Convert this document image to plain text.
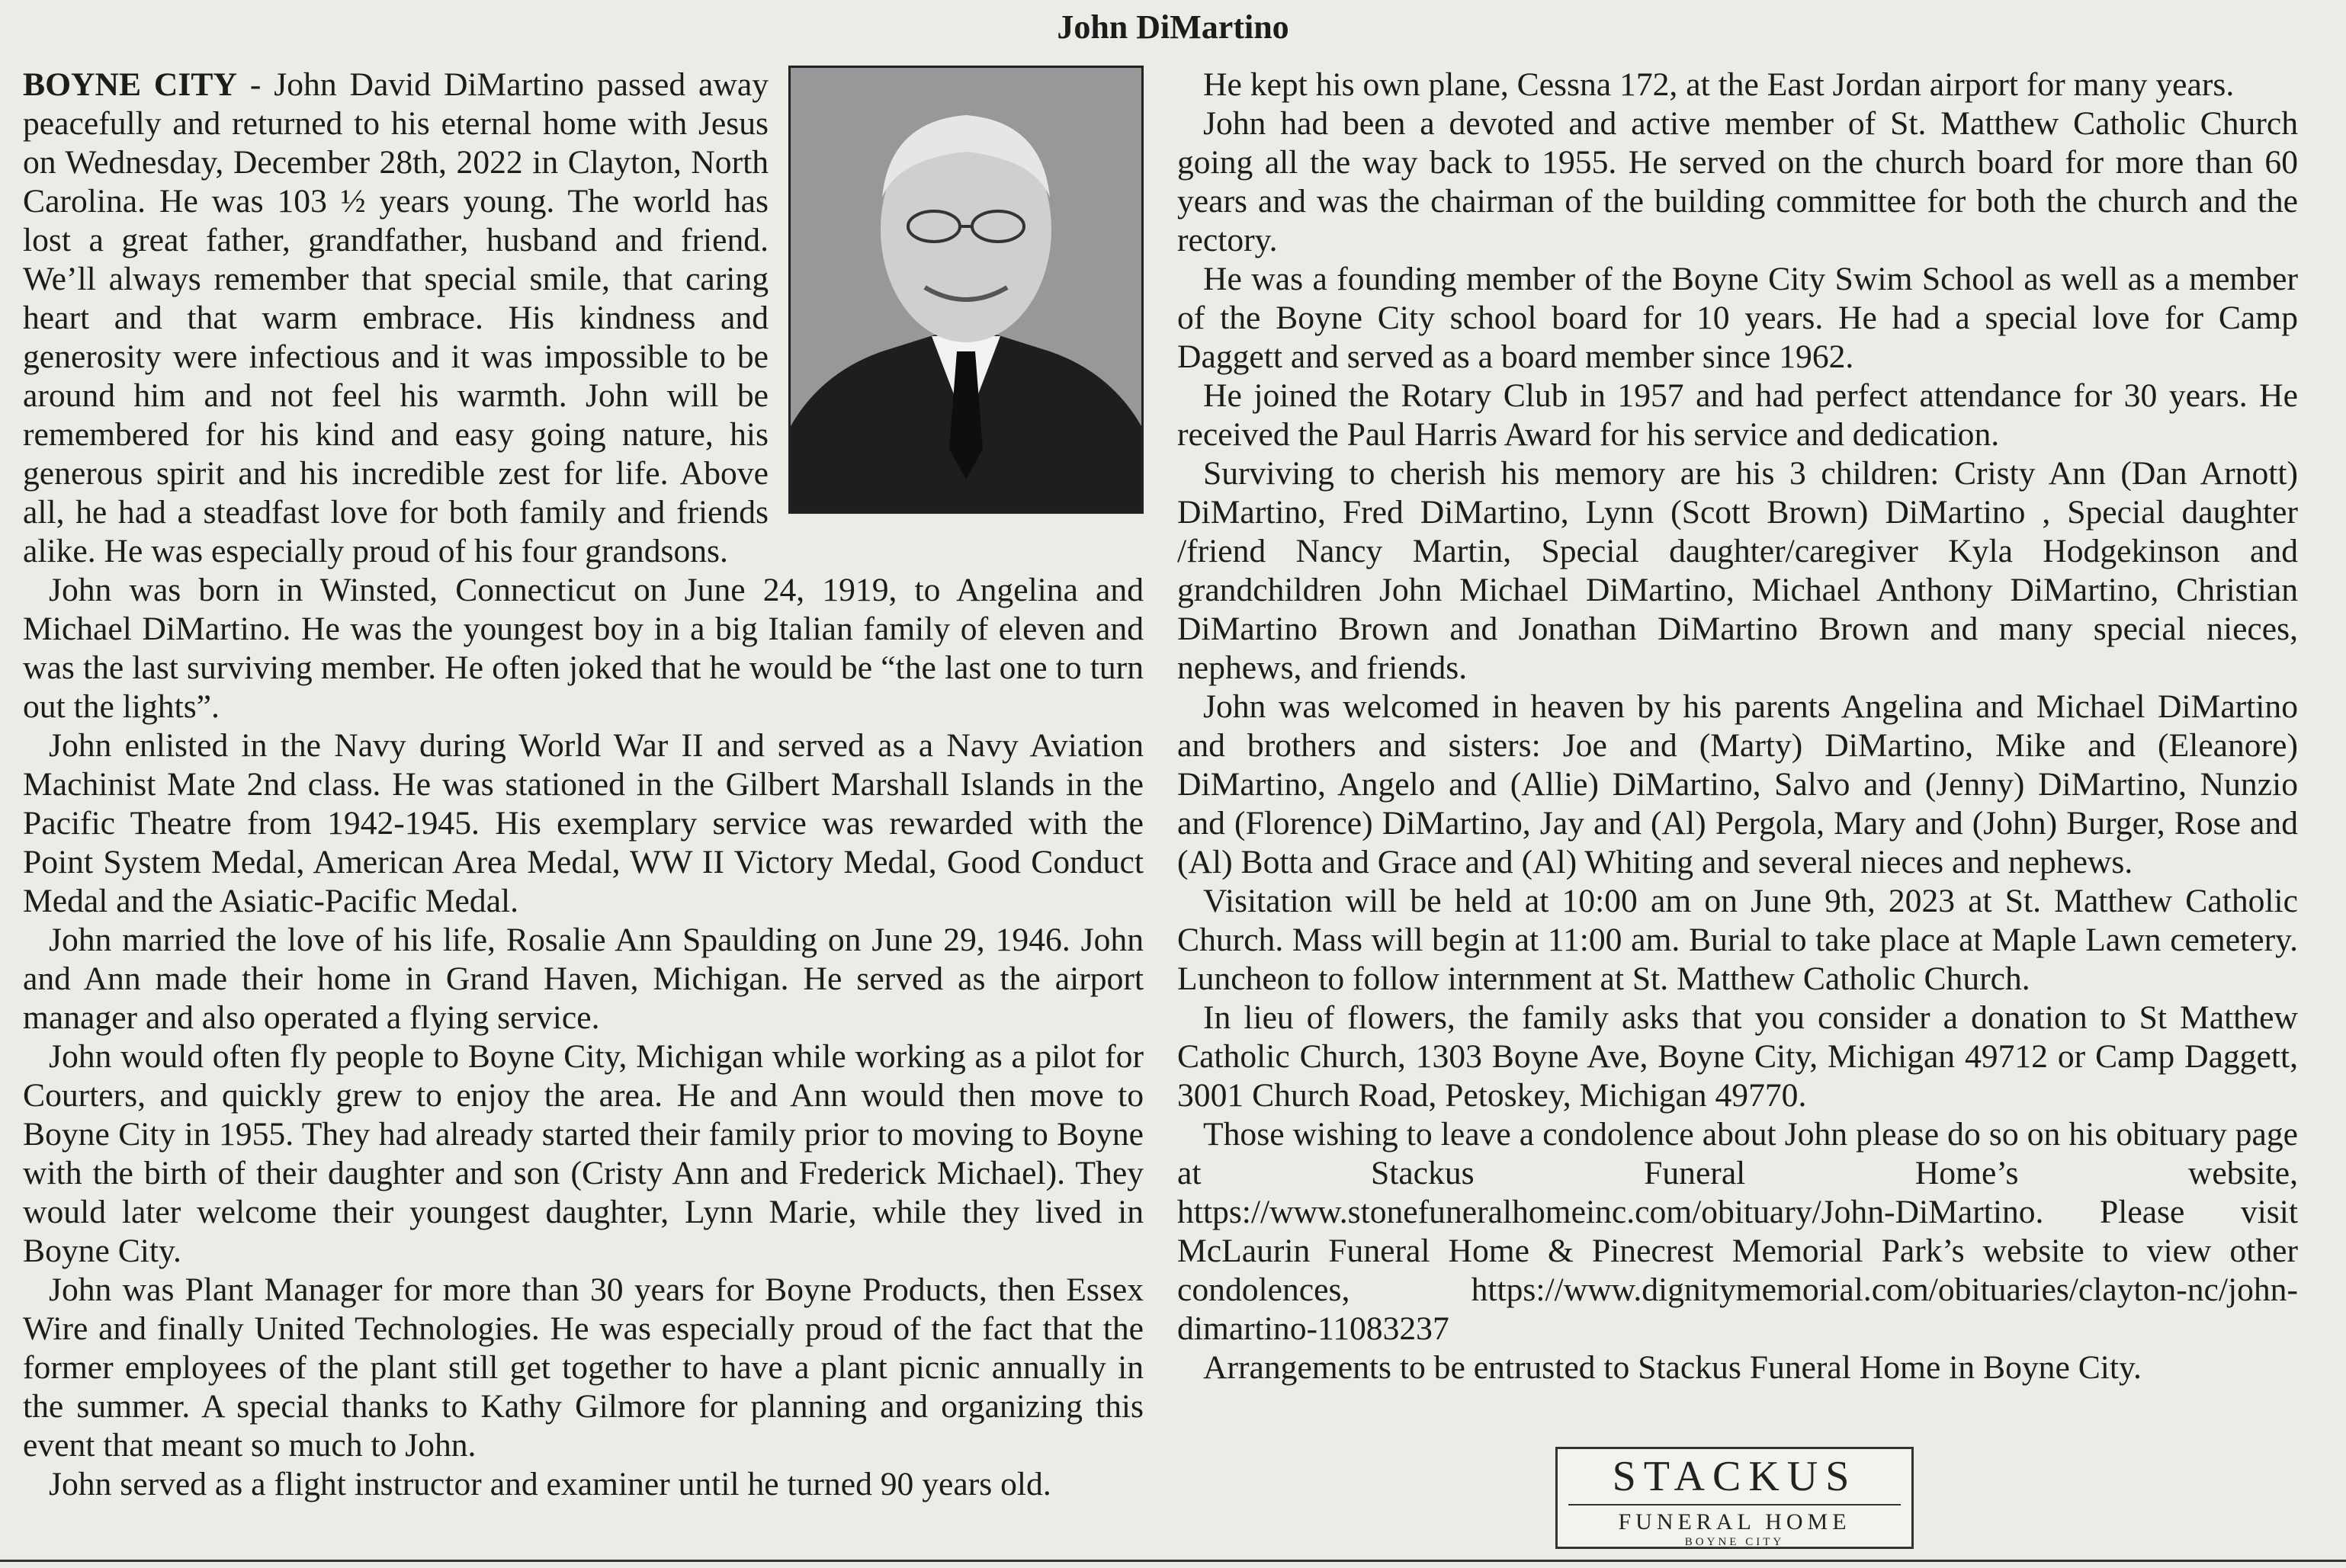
John DiMartino

BOYNE CITY - John David DiMartino passed away peacefully and returned to his eternal home with Jesus on Wednesday, December 28th, 2022 in Clayton, North Carolina. He was 103 ½ years young. The world has lost a great father, grandfather, husband and friend. We’ll always remember that special smile, that caring heart and that warm embrace. His kindness and generosity were infectious and it was impossible to be around him and not feel his warmth. John will be remembered for his kind and easy going nature, his generous spirit and his incredible zest for life. Above all, he had a steadfast love for both family and friends alike. He was especially proud of his four grandsons.

John was born in Winsted, Connecticut on June 24, 1919, to Angelina and Michael DiMartino. He was the youngest boy in a big Italian family of eleven and was the last surviving member. He often joked that he would be “the last one to turn out the lights”.

John enlisted in the Navy during World War II and served as a Navy Aviation Machinist Mate 2nd class. He was stationed in the Gilbert Marshall Islands in the Pacific Theatre from 1942-1945. His exemplary service was rewarded with the Point System Medal, American Area Medal, WW II Victory Medal, Good Conduct Medal and the Asiatic-Pacific Medal.

John married the love of his life, Rosalie Ann Spaulding on June 29, 1946. John and Ann made their home in Grand Haven, Michigan. He served as the airport manager and also operated a flying service.

John would often fly people to Boyne City, Michigan while working as a pilot for Courters, and quickly grew to enjoy the area. He and Ann would then move to Boyne City in 1955. They had already started their family prior to moving to Boyne with the birth of their daughter and son (Cristy Ann and Frederick Michael). They would later welcome their youngest daughter, Lynn Marie, while they lived in Boyne City.

John was Plant Manager for more than 30 years for Boyne Products, then Essex Wire and finally United Technologies. He was especially proud of the fact that the former employees of the plant still get together to have a plant picnic annually in the summer. A special thanks to Kathy Gilmore for planning and organizing this event that meant so much to John.

John served as a flight instructor and examiner until he turned 90 years old.

He kept his own plane, Cessna 172, at the East Jordan airport for many years.

John had been a devoted and active member of St. Matthew Catholic Church going all the way back to 1955. He served on the church board for more than 60 years and was the chairman of the building committee for both the church and the rectory.

He was a founding member of the Boyne City Swim School as well as a member of the Boyne City school board for 10 years. He had a special love for Camp Daggett and served as a board member since 1962.

He joined the Rotary Club in 1957 and had perfect attendance for 30 years. He received the Paul Harris Award for his service and dedication.

Surviving to cherish his memory are his 3 children: Cristy Ann (Dan Arnott) DiMartino, Fred DiMartino, Lynn (Scott Brown) DiMartino , Special daughter /friend Nancy Martin, Special daughter/caregiver Kyla Hodgekinson and grandchildren John Michael DiMartino, Michael Anthony DiMartino, Christian DiMartino Brown and Jonathan DiMartino Brown and many special nieces, nephews, and friends.

John was welcomed in heaven by his parents Angelina and Michael DiMartino and brothers and sisters: Joe and (Marty) DiMartino, Mike and (Eleanore) DiMartino, Angelo and (Allie) DiMartino, Salvo and (Jenny) DiMartino, Nunzio and (Florence) DiMartino, Jay and (Al) Pergola, Mary and (John) Burger, Rose and (Al) Botta and Grace and (Al) Whiting and several nieces and nephews.

Visitation will be held at 10:00 am on June 9th, 2023 at St. Matthew Catholic Church. Mass will begin at 11:00 am. Burial to take place at Maple Lawn cemetery. Luncheon to follow internment at St. Matthew Catholic Church.

In lieu of flowers, the family asks that you consider a donation to St Matthew Catholic Church, 1303 Boyne Ave, Boyne City, Michigan 49712 or Camp Daggett, 3001 Church Road, Petoskey, Michigan 49770.

Those wishing to leave a condolence about John please do so on his obituary page at Stackus Funeral Home’s website, https://www.stonefuneralhomeinc.com/obituary/John-DiMartino. Please visit McLaurin Funeral Home & Pinecrest Memorial Park’s website to view other condolences, https://www.dignitymemorial.com/obituaries/clayton-nc/john-dimartino-11083237

Arrangements to be entrusted to Stackus Funeral Home in Boyne City.

STACKUS
FUNERAL HOME
BOYNE CITY
